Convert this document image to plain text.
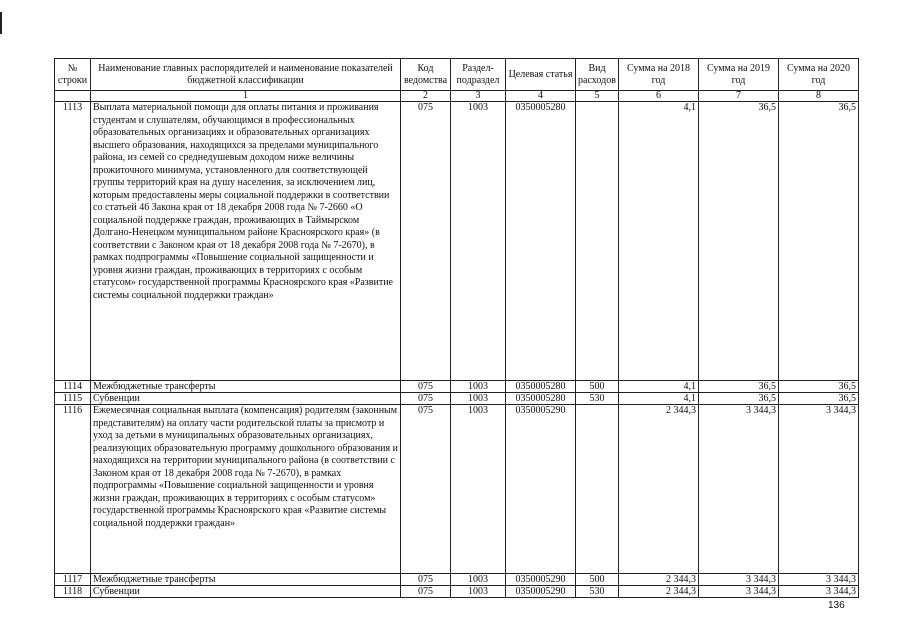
№ строки	Наименование главных распорядителей и наименование показателей бюджетной классификации	Код ведомства	Раздел-подраздел	Целевая статья	Вид расходов	Сумма на 2018 год	Сумма на 2019 год	Сумма на 2020 год
	1	2	3	4	5	6	7	8
1113	Выплата материальной помощи для оплаты питания и проживания студентам и слушателям, обучающимся в профессиональных образовательных организациях и образовательных организациях высшего образования, находящихся за пределами муниципального района, из семей со среднедушевым доходом ниже величины прожиточного минимума, установленного для соответствующей группы территорий края на душу населения, за исключением лиц, которым предоставлены меры социальной поддержки в соответствии со статьей 46 Закона края от 18 декабря 2008 года № 7-2660 «О социальной поддержке граждан, проживающих в Таймырском Долгано-Ненецком муниципальном районе Красноярского края» (в соответствии с Законом края от 18 декабря 2008 года № 7-2670), в рамках подпрограммы «Повышение социальной защищенности и уровня жизни граждан, проживающих в территориях с особым статусом» государственной программы Красноярского края «Развитие системы социальной поддержки граждан»	075	1003	0350005280		4,1	36,5	36,5
1114	Межбюджетные трансферты	075	1003	0350005280	500	4,1	36,5	36,5
1115	Субвенции	075	1003	0350005280	530	4,1	36,5	36,5
1116	Ежемесячная социальная выплата (компенсация) родителям (законным представителям) на оплату части родительской платы за присмотр и уход за детьми в муниципальных образовательных организациях, реализующих образовательную программу дошкольного образования и находящихся на территории муниципального района (в соответствии с Законом края от 18 декабря 2008 года № 7-2670), в рамках подпрограммы «Повышение социальной защищенности и уровня жизни граждан, проживающих в территориях с особым статусом» государственной программы Красноярского края «Развитие системы социальной поддержки граждан»	075	1003	0350005290		2 344,3	3 344,3	3 344,3
1117	Межбюджетные трансферты	075	1003	0350005290	500	2 344,3	3 344,3	3 344,3
1118	Субвенции	075	1003	0350005290	530	2 344,3	3 344,3	3 344,3
136
